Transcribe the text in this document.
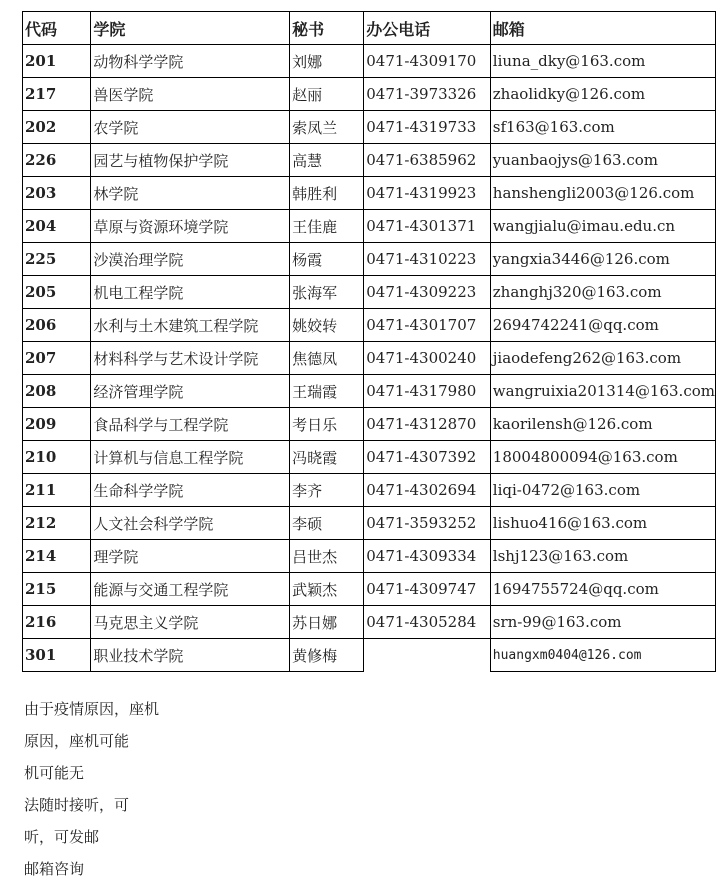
代码	学院	秘书	办公电话	邮箱
201	动物科学学院	刘娜	0471-4309170	liuna_dky@163.com
217	兽医学院	赵丽	0471-3973326	zhaolidky@126.com
202	农学院	索凤兰	0471-4319733	sf163@163.com
226	园艺与植物保护学院	高慧	0471-6385962	yuanbaojys@163.com
203	林学院	韩胜利	0471-4319923	hanshengli2003@126.com
204	草原与资源环境学院	王佳鹿	0471-4301371	wangjialu@imau.edu.cn
225	沙漠治理学院	杨霞	0471-4310223	yangxia3446@126.com
205	机电工程学院	张海军	0471-4309223	zhanghj320@163.com
206	水利与土木建筑工程学院	姚姣转	0471-4301707	2694742241@qq.com
207	材料科学与艺术设计学院	焦德凤	0471-4300240	jiaodefeng262@163.com
208	经济管理学院	王瑞霞	0471-4317980	wangruixia201314@163.com
209	食品科学与工程学院	考日乐	0471-4312870	kaorilensh@126.com
210	计算机与信息工程学院	冯晓霞	0471-4307392	18004800094@163.com
211	生命科学学院	李齐	0471-4302694	liqi-0472@163.com
212	人文社会科学学院	李硕	0471-3593252	lishuo416@163.com
214	理学院	吕世杰	0471-4309334	lshj123@163.com
215	能源与交通工程学院	武颖杰	0471-4309747	1694755724@qq.com
216	马克思主义学院	苏日娜	0471-4305284	srn-99@163.com
301	职业技术学院	黄修梅		huangxm0404@126.com
由于疫情原因，座机
原因，座机可能
机可能无
法随时接听，可
听，可发邮
邮箱咨询
